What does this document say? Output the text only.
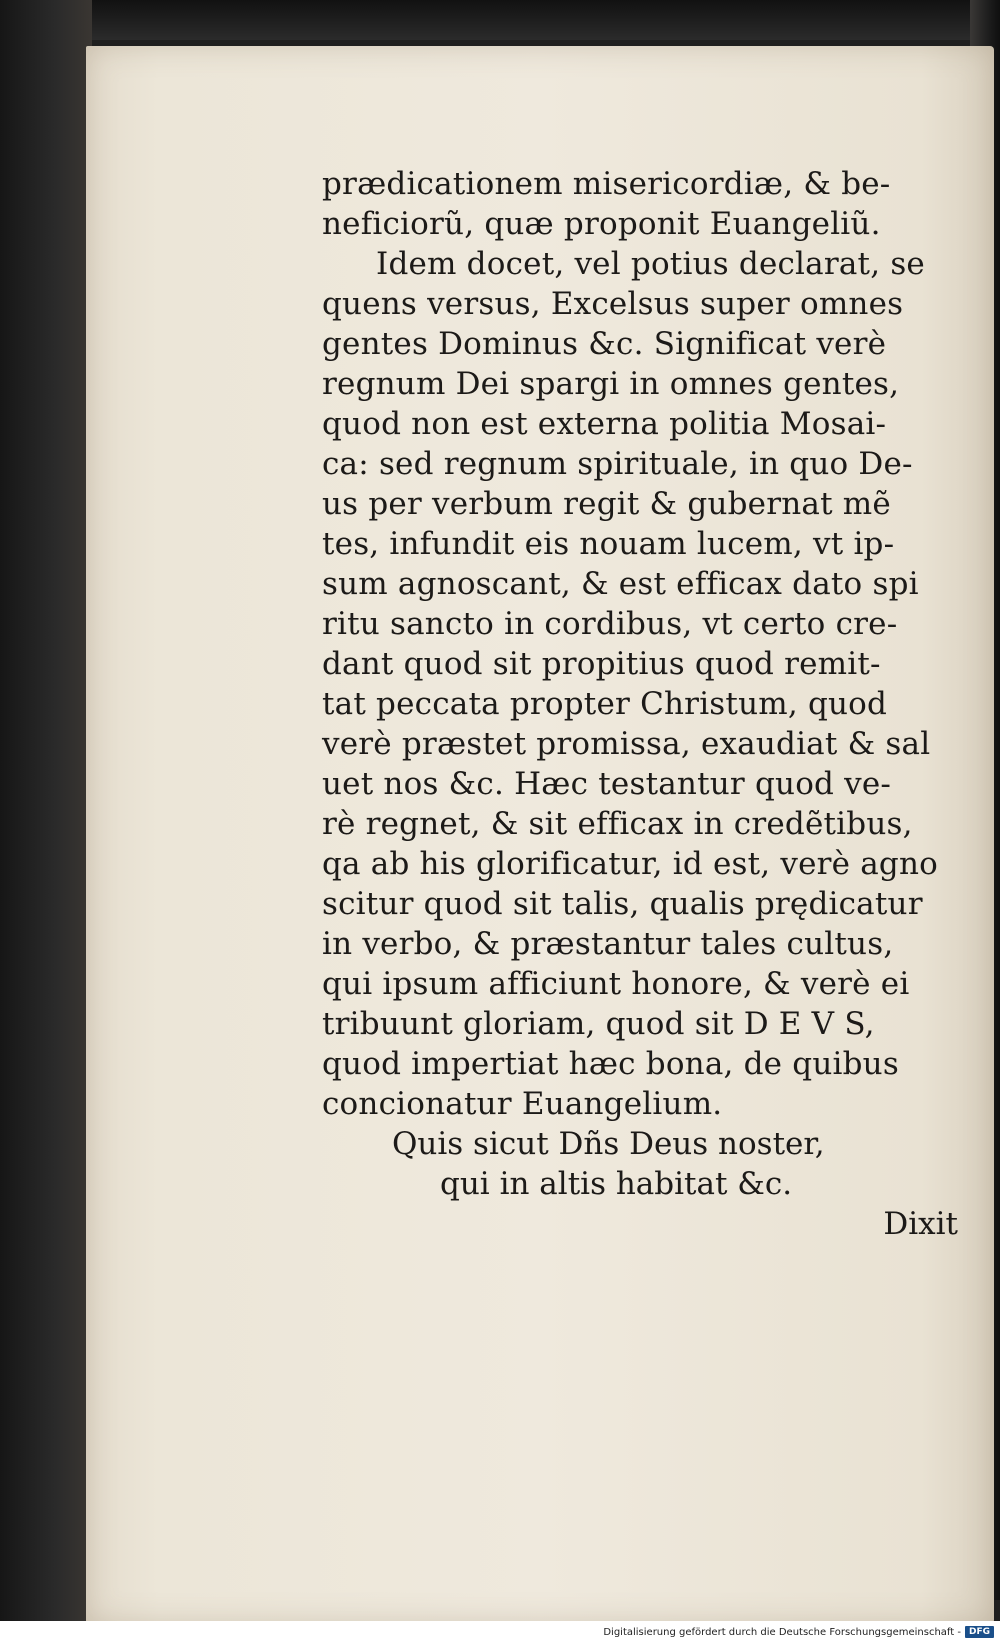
prædicationem misericordiæ, & be-
neficiorũ, quæ proponit Euangeliũ.
Idem docet, vel potius declarat, se
quens versus, Excelsus super omnes
gentes Dominus &c. Significat verè
regnum Dei spargi in omnes gentes,
quod non est externa politia Mosai-
ca: sed regnum spirituale, in quo De-
us per verbum regit & gubernat mẽ
tes, infundit eis nouam lucem, vt ip-
sum agnoscant, & est efficax dato spi
ritu sancto in cordibus, vt certo cre-
dant quod sit propitius quod remit-
tat peccata propter Christum, quod
verè præstet promissa, exaudiat & sal
uet nos &c. Hæc testantur quod ve-
rè regnet, & sit efficax in credẽtibus,
qa ab his glorificatur, id est, verè agno
scitur quod sit talis, qualis prędicatur
in verbo, & præstantur tales cultus,
qui ipsum afficiunt honore, & verè ei
tribuunt gloriam, quod sit D E V S,
quod impertiat hæc bona, de quibus
concionatur Euangelium.
Quis sicut Dñs Deus noster,
qui in altis habitat &c.
Dixit
Digitalisierung gefördert durch die Deutsche Forschungsgemeinschaft - DFG
